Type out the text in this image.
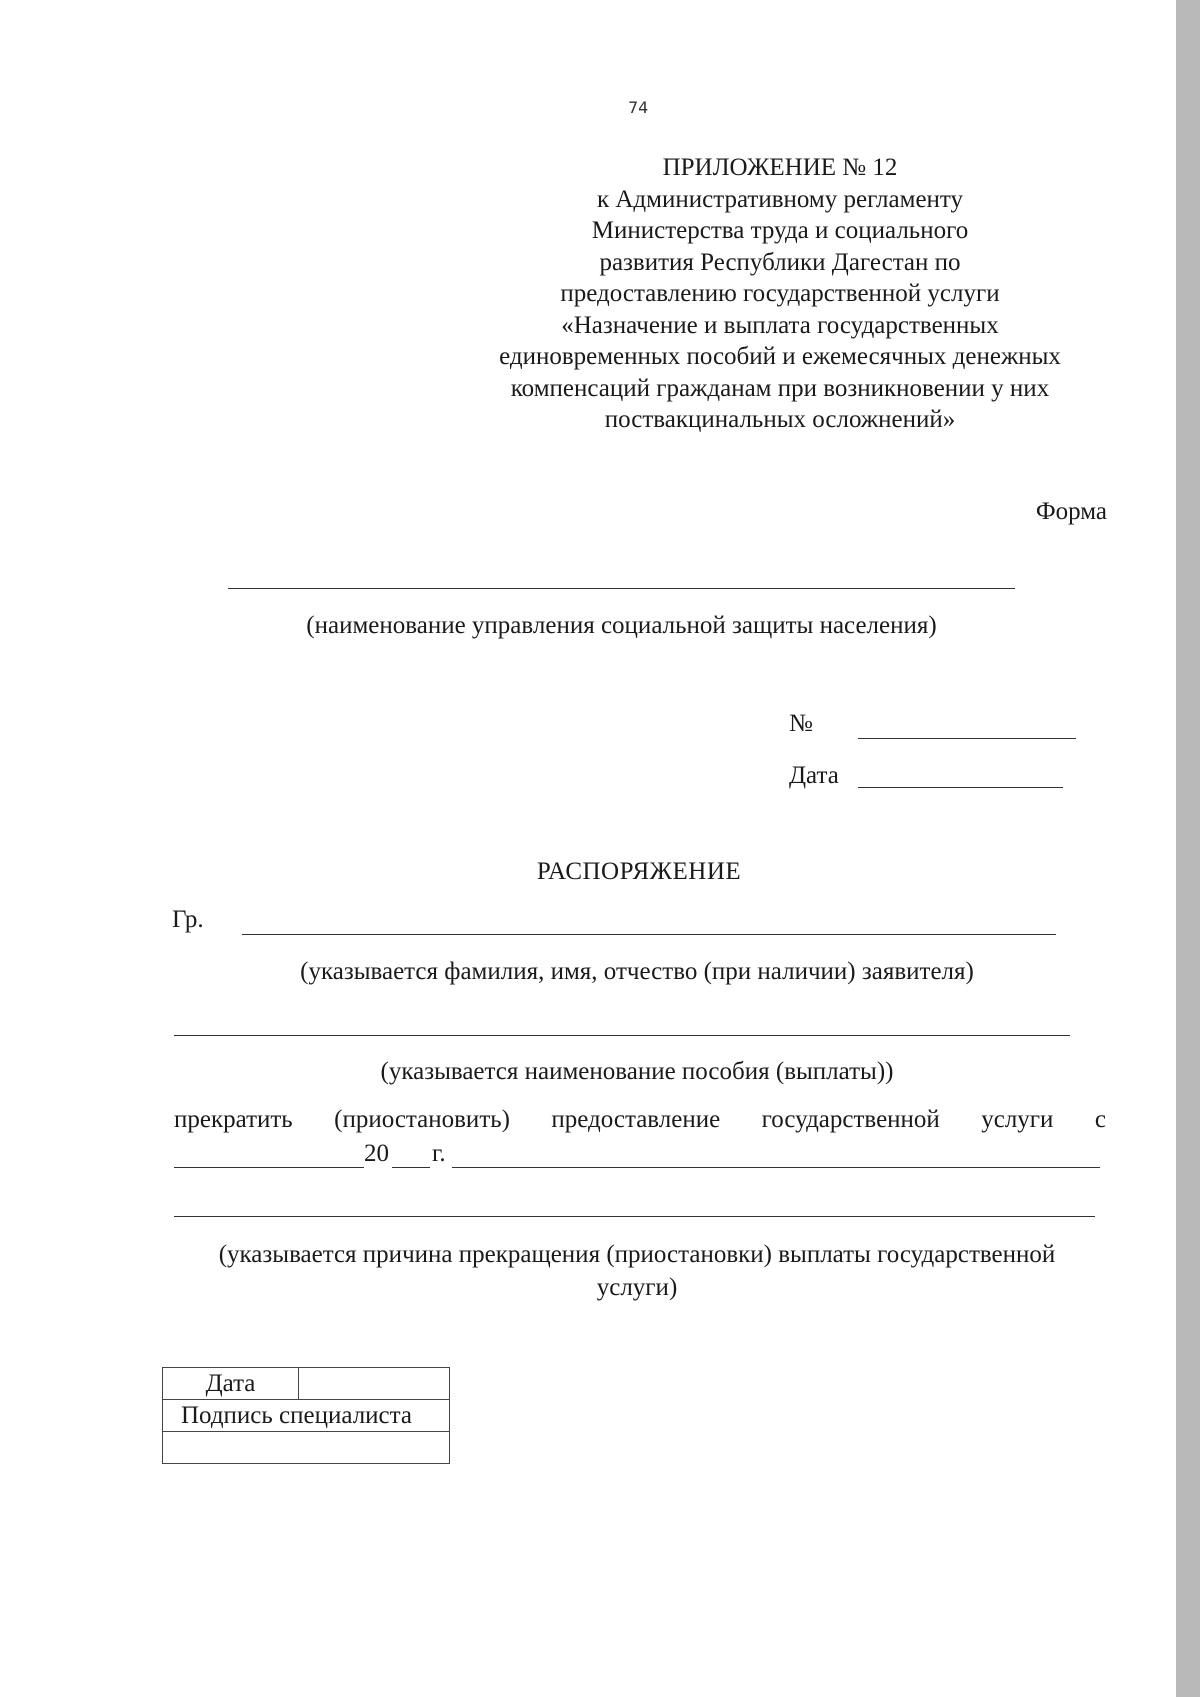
74
ПРИЛОЖЕНИЕ № 12
к Административному регламенту
Министерства труда и социального
развития Республики Дагестан по
предоставлению государственной услуги
«Назначение и выплата государственных
единовременных пособий и ежемесячных денежных
компенсаций гражданам при возникновении у них
поствакцинальных осложнений»
Форма
(наименование управления социальной защиты населения)
№
Дата
РАСПОРЯЖЕНИЕ
Гр.
(указывается фамилия, имя, отчество (при наличии) заявителя)
(указывается наименование пособия (выплаты))
прекратить (приостановить) предоставление государственной услуги с
20 г.
(указывается причина прекращения (приостановки) выплаты государственной
услуги)
Дата	
Подпись специалиста
